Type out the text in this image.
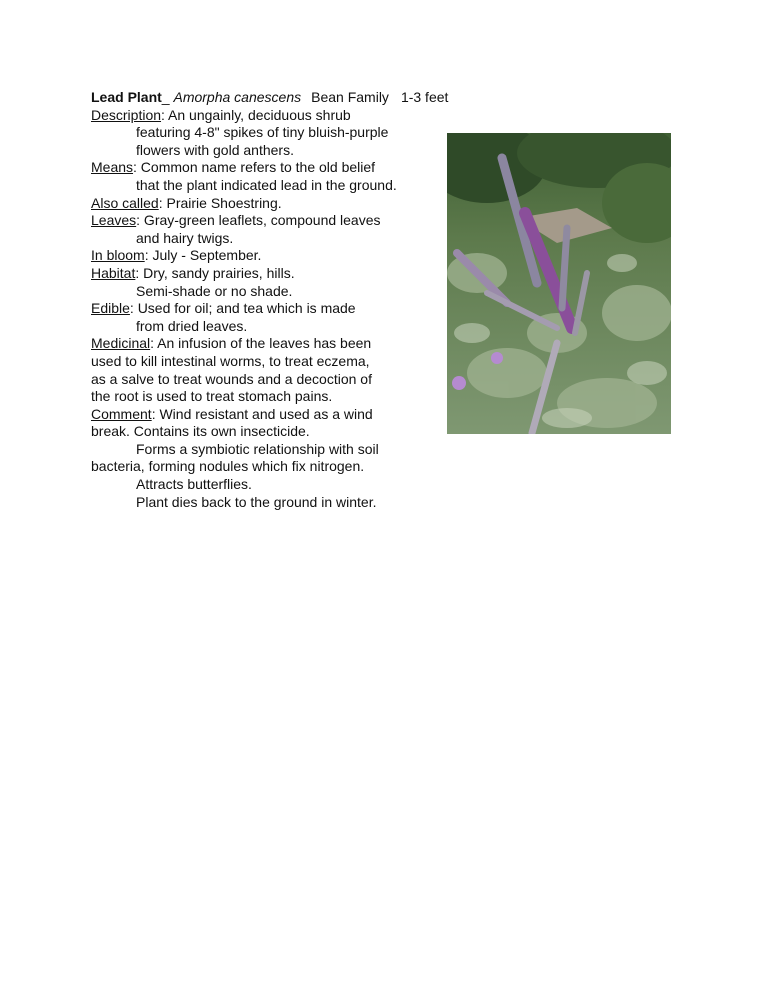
Lead Plant_ Amorpha canescens Bean Family 1-3 feet
Description: An ungainly, deciduous shrub
featuring 4-8" spikes of tiny bluish-purple
flowers with gold anthers.
Means: Common name refers to the old belief
that the plant indicated lead in the ground.
Also called: Prairie Shoestring.
Leaves: Gray-green leaflets, compound leaves
and hairy twigs.
In bloom: July - September.
Habitat: Dry, sandy prairies, hills.
Semi-shade or no shade.
Edible: Used for oil; and tea which is made
from dried leaves.
Medicinal: An infusion of the leaves has been
used to kill intestinal worms, to treat eczema,
as a salve to treat wounds and a decoction of
the root is used to treat stomach pains.
Comment: Wind resistant and used as a wind
break. Contains its own insecticide.
Forms a symbiotic relationship with soil
bacteria, forming nodules which fix nitrogen.
Attracts butterflies.
Plant dies back to the ground in winter.
